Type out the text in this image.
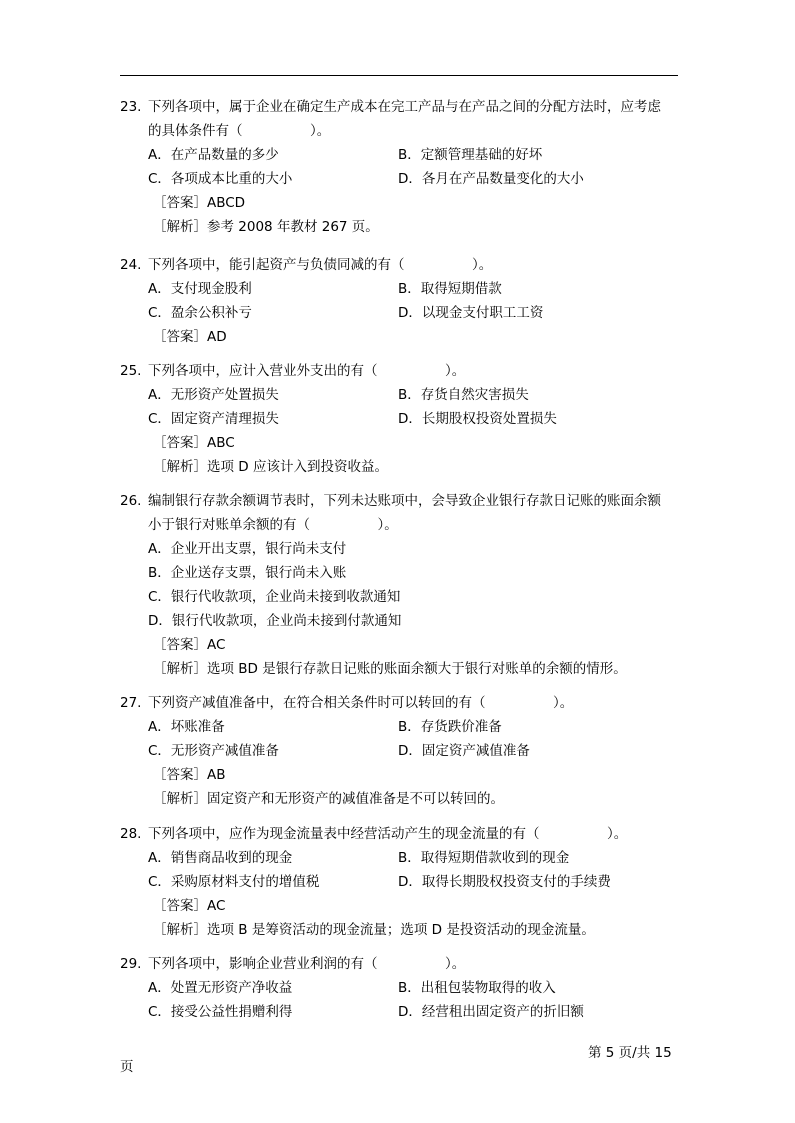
23. 下列各项中，属于企业在确定生产成本在完工产品与在产品之间的分配方法时，应考虑
的具体条件有（　　　　　）。
A．在产品数量的多少	B．定额管理基础的好坏
C．各项成本比重的大小	D．各月在产品数量变化的大小
［答案］ABCD
［解析］参考 2008 年教材 267 页。
24. 下列各项中，能引起资产与负债同减的有（　　　　　）。
A．支付现金股利	B．取得短期借款
C．盈余公积补亏	D．以现金支付职工工资
［答案］AD
25. 下列各项中，应计入营业外支出的有（　　　　　）。
A．无形资产处置损失	B．存货自然灾害损失
C．固定资产清理损失	D．长期股权投资处置损失
［答案］ABC
［解析］选项 D 应该计入到投资收益。
26. 编制银行存款余额调节表时，下列未达账项中，会导致企业银行存款日记账的账面余额
小于银行对账单余额的有（　　　　　）。
A．企业开出支票，银行尚未支付
B．企业送存支票，银行尚未入账
C．银行代收款项，企业尚未接到收款通知
D．银行代收款项，企业尚未接到付款通知
［答案］AC
［解析］选项 BD 是银行存款日记账的账面余额大于银行对账单的余额的情形。
27. 下列资产减值准备中，在符合相关条件时可以转回的有（　　　　　）。
A．坏账准备	B．存货跌价准备
C．无形资产减值准备	D．固定资产减值准备
［答案］AB
［解析］固定资产和无形资产的减值准备是不可以转回的。
28. 下列各项中，应作为现金流量表中经营活动产生的现金流量的有（　　　　　）。
A．销售商品收到的现金	B．取得短期借款收到的现金
C．采购原材料支付的增值税	D．取得长期股权投资支付的手续费
［答案］AC
［解析］选项 B 是筹资活动的现金流量；选项 D 是投资活动的现金流量。
29. 下列各项中，影响企业营业利润的有（　　　　　）。
A．处置无形资产净收益	B．出租包装物取得的收入
C．接受公益性捐赠利得	D．经营租出固定资产的折旧额
第 5 页/共 15
页
